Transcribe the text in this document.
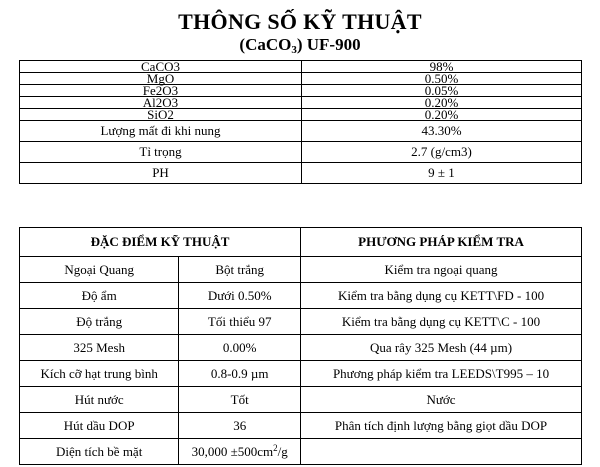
THÔNG SỐ KỸ THUẬT
(CaCO$_3$) UF-900
CaCO3	98%
MgO	0.50%
Fe2O3	0.05%
Al2O3	0.20%
SiO2	0.20%
Lượng mất đi khi nung	43.30%
Tỉ trọng	2.7 (g/cm3)
PH	9 ± 1
ĐẶC ĐIỂM KỸ THUẬT		PHƯƠNG PHÁP KIỂM TRA
Ngoại Quang	Bột trắng	Kiểm tra ngoại quang
Độ ẩm	Dưới 0.50%	Kiểm tra bằng dụng cụ KETT\FD - 100
Độ trắng	Tối thiểu 97	Kiểm tra bằng dụng cụ KETT\C - 100
325 Mesh	0.00%	Qua rây 325 Mesh (44 µm)
Kích cỡ hạt trung bình	0.8-0.9 µm	Phương pháp kiểm tra LEEDS\T995 – 10
Hút nước	Tốt	Nước
Hút dầu DOP	36	Phân tích định lượng bằng giọt dầu DOP
Diện tích bề mặt	$30,000 \pm 500cm^2/g$	
